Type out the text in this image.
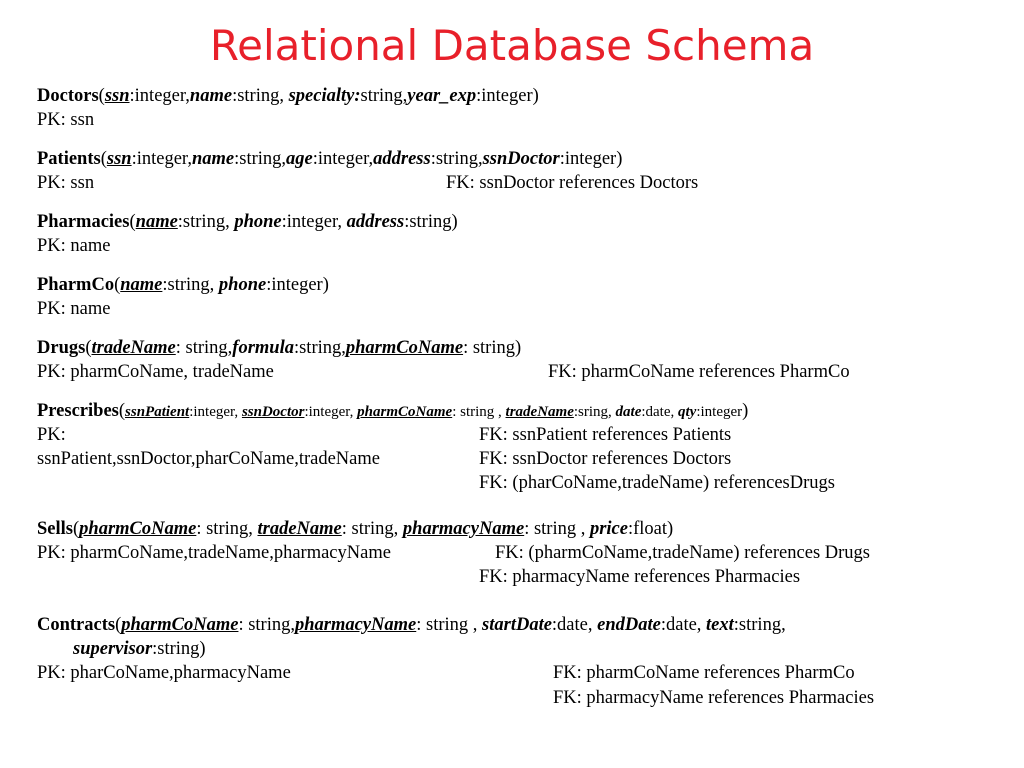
Relational Database Schema
Doctors(ssn:integer,name:string, specialty:string,year_exp:integer)
PK: ssn
Patients(ssn:integer,name:string,age:integer,address:string,ssnDoctor:integer)
PK: ssn	FK: ssnDoctor references Doctors
Pharmacies(name:string, phone:integer, address:string)
PK: name
PharmCo(name:string, phone:integer)
PK: name
Drugs(tradeName: string,formula:string,pharmCoName: string)
PK: pharmCoName, tradeName	FK: pharmCoName references PharmCo
Prescribes(ssnPatient:integer, ssnDoctor:integer, pharmCoName: string , tradeName:sring, date:date, qty:integer)
PK:	FK: ssnPatient references Patients
ssnPatient,ssnDoctor,pharCoName,tradeName	FK: ssnDoctor references Doctors
FK: (pharCoName,tradeName) referencesDrugs
Sells(pharmCoName: string, tradeName: string, pharmacyName: string , price:float)
PK: pharmCoName,tradeName,pharmacyName	FK: (pharmCoName,tradeName) references Drugs
FK: pharmacyName references Pharmacies
Contracts(pharmCoName: string,pharmacyName: string , startDate:date, endDate:date, text:string,
supervisor:string)
PK: pharCoName,pharmacyName	FK: pharmCoName references PharmCo
FK: pharmacyName references Pharmacies
